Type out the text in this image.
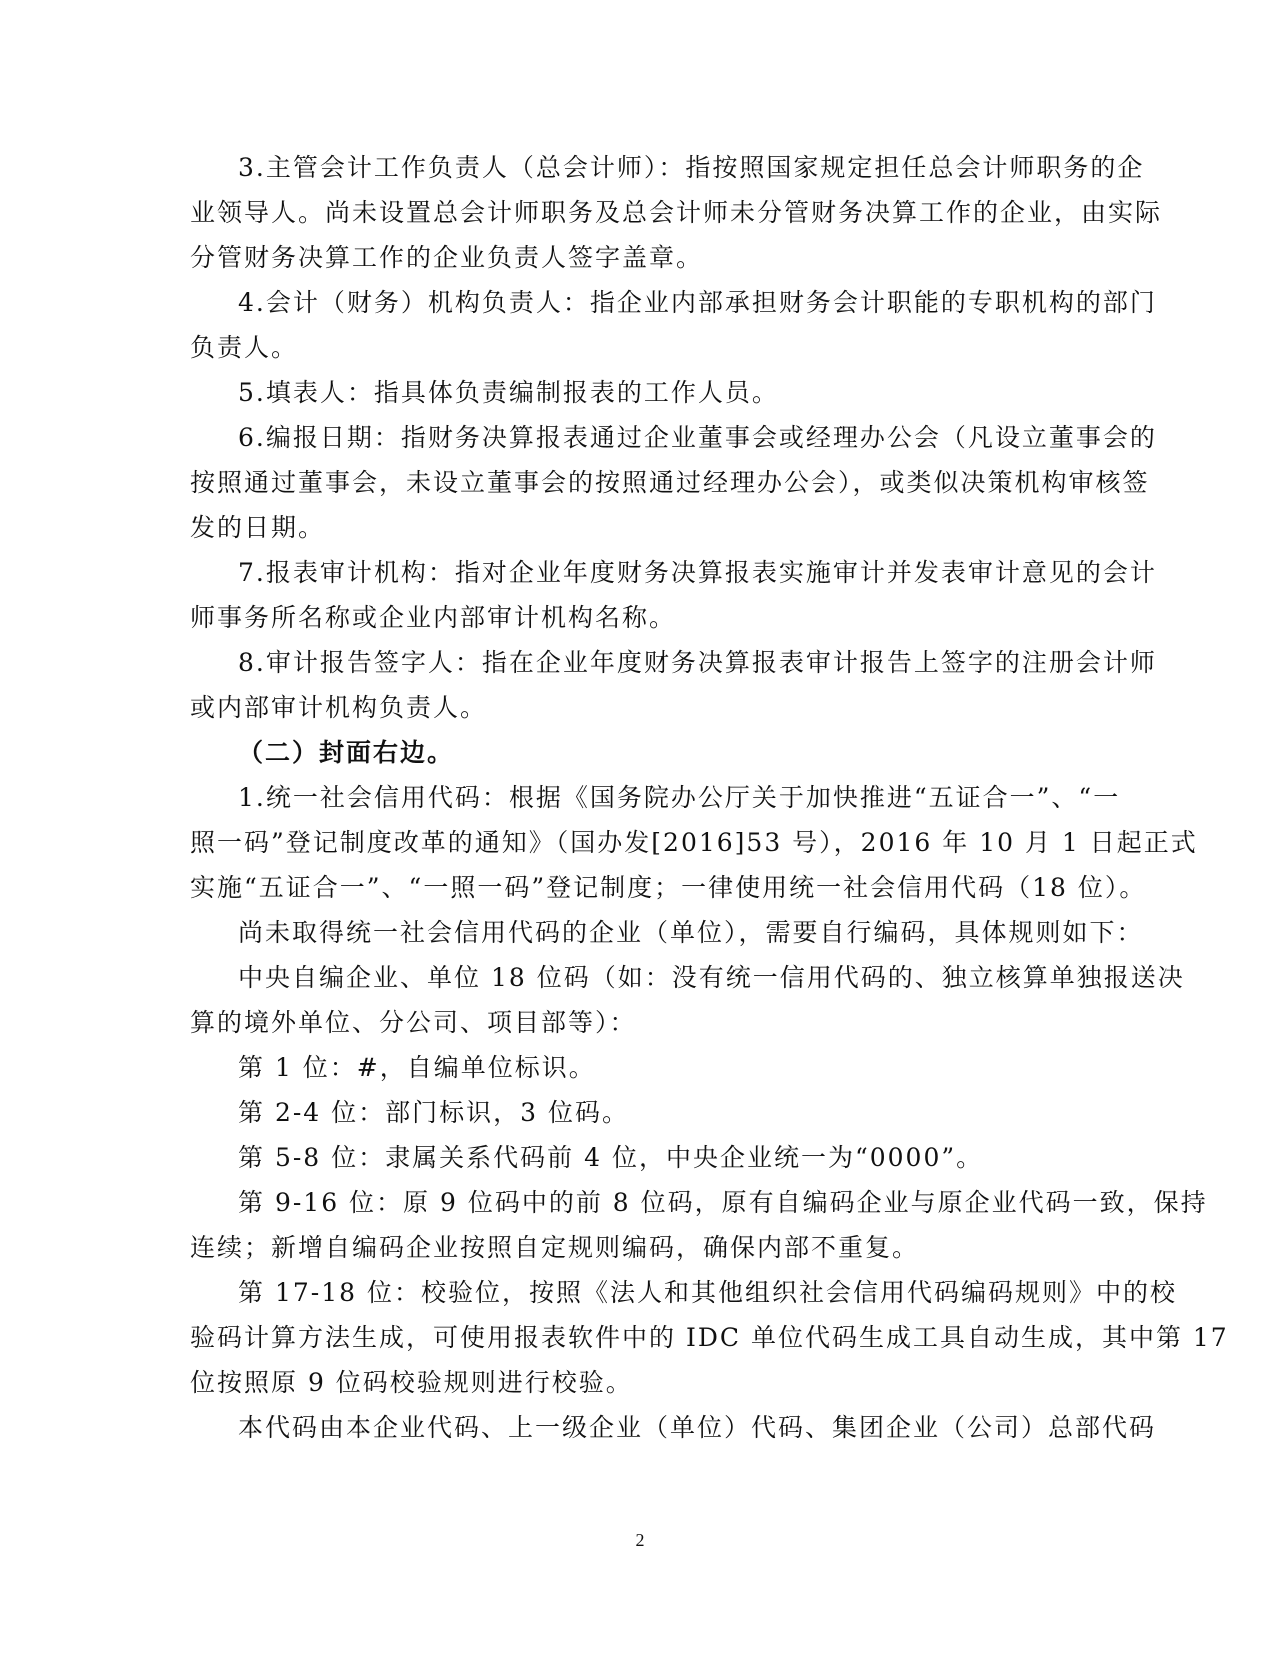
3.主管会计工作负责人（总会计师）：指按照国家规定担任总会计师职务的企
业领导人。尚未设置总会计师职务及总会计师未分管财务决算工作的企业，由实际
分管财务决算工作的企业负责人签字盖章。
4.会计（财务）机构负责人：指企业内部承担财务会计职能的专职机构的部门
负责人。
5.填表人：指具体负责编制报表的工作人员。
6.编报日期：指财务决算报表通过企业董事会或经理办公会（凡设立董事会的
按照通过董事会，未设立董事会的按照通过经理办公会），或类似决策机构审核签
发的日期。
7.报表审计机构：指对企业年度财务决算报表实施审计并发表审计意见的会计
师事务所名称或企业内部审计机构名称。
8.审计报告签字人：指在企业年度财务决算报表审计报告上签字的注册会计师
或内部审计机构负责人。
（二）封面右边。
1.统一社会信用代码：根据《国务院办公厅关于加快推进“五证合一”、“一
照一码”登记制度改革的通知》（国办发[2016]53 号），2016 年 10 月 1 日起正式
实施“五证合一”、“一照一码”登记制度；一律使用统一社会信用代码（18 位）。
尚未取得统一社会信用代码的企业（单位），需要自行编码，具体规则如下：
中央自编企业、单位 18 位码（如：没有统一信用代码的、独立核算单独报送决
算的境外单位、分公司、项目部等）：
第 1 位：#，自编单位标识。
第 2-4 位：部门标识，3 位码。
第 5-8 位：隶属关系代码前 4 位，中央企业统一为“0000”。
第 9-16 位：原 9 位码中的前 8 位码，原有自编码企业与原企业代码一致，保持
连续；新增自编码企业按照自定规则编码，确保内部不重复。
第 17-18 位：校验位，按照《法人和其他组织社会信用代码编码规则》中的校
验码计算方法生成，可使用报表软件中的 IDC 单位代码生成工具自动生成，其中第 17
位按照原 9 位码校验规则进行校验。
本代码由本企业代码、上一级企业（单位）代码、集团企业（公司）总部代码
2
